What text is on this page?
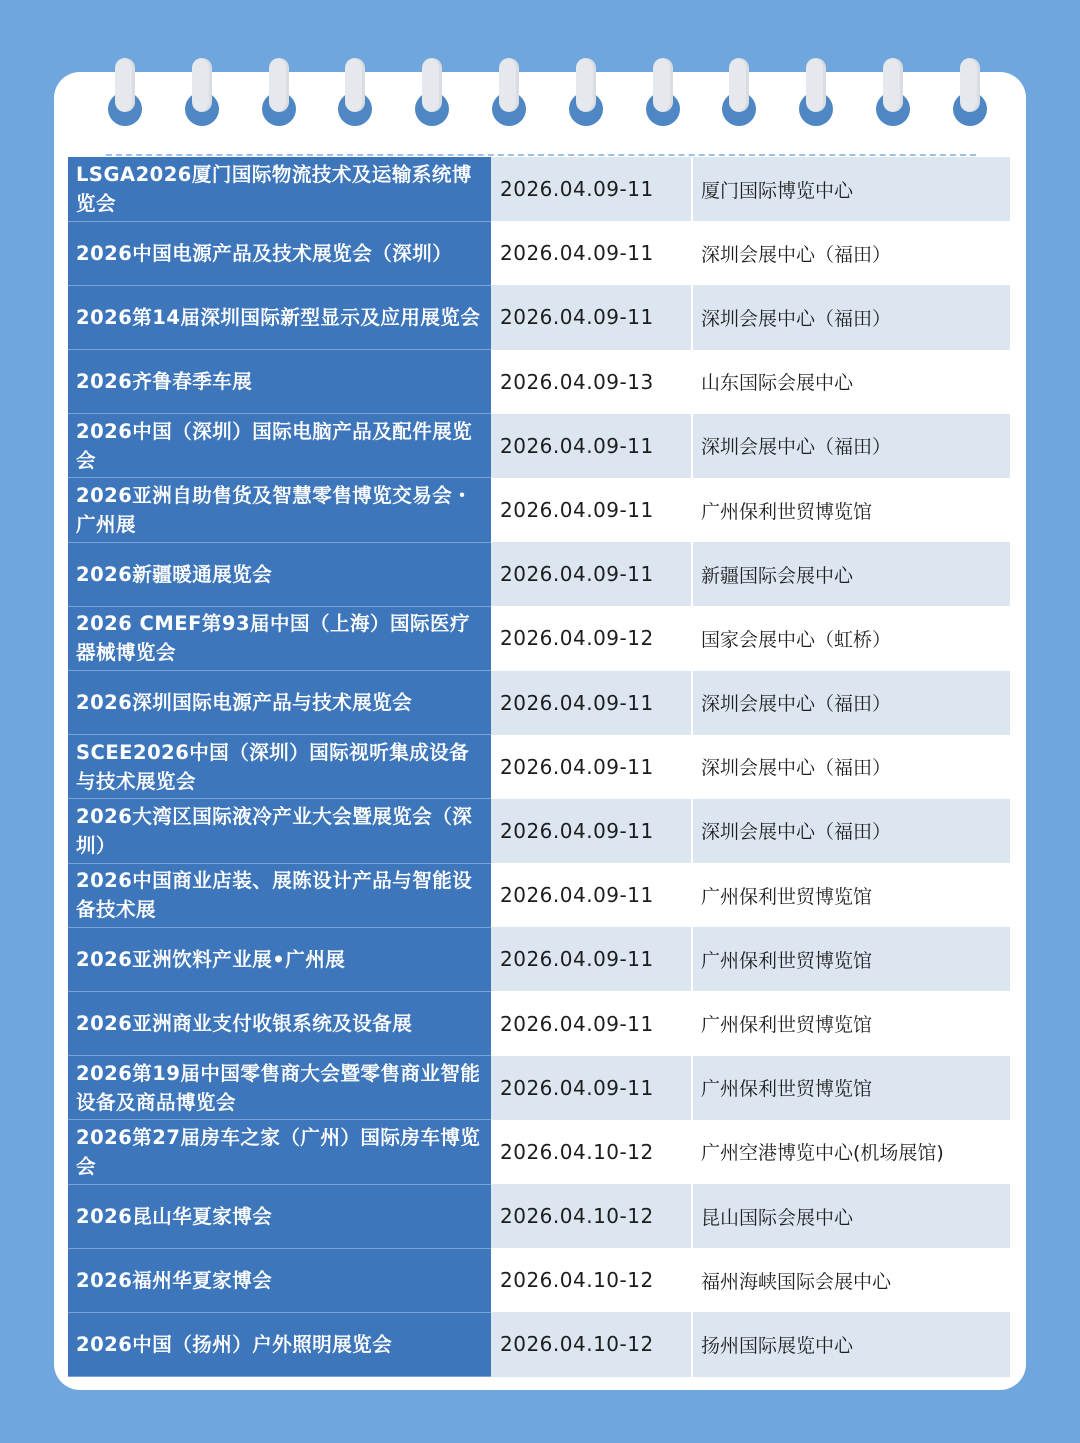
LSGA2026厦门国际物流技术及运输系统博览会	2026.04.09-11	厦门国际博览中心
2026中国电源产品及技术展览会（深圳）	2026.04.09-11	深圳会展中心（福田）
2026第14届深圳国际新型显示及应用展览会	2026.04.09-11	深圳会展中心（福田）
2026齐鲁春季车展	2026.04.09-13	山东国际会展中心
2026中国（深圳）国际电脑产品及配件展览会	2026.04.09-11	深圳会展中心（福田）
2026亚洲自助售货及智慧零售博览交易会・广州展	2026.04.09-11	广州保利世贸博览馆
2026新疆暖通展览会	2026.04.09-11	新疆国际会展中心
2026 CMEF第93届中国（上海）国际医疗器械博览会	2026.04.09-12	国家会展中心（虹桥）
2026深圳国际电源产品与技术展览会	2026.04.09-11	深圳会展中心（福田）
SCEE2026中国（深圳）国际视听集成设备与技术展览会	2026.04.09-11	深圳会展中心（福田）
2026大湾区国际液冷产业大会暨展览会（深圳）	2026.04.09-11	深圳会展中心（福田）
2026中国商业店装、展陈设计产品与智能设备技术展	2026.04.09-11	广州保利世贸博览馆
2026亚洲饮料产业展•广州展	2026.04.09-11	广州保利世贸博览馆
2026亚洲商业支付收银系统及设备展	2026.04.09-11	广州保利世贸博览馆
2026第19届中国零售商大会暨零售商业智能设备及商品博览会	2026.04.09-11	广州保利世贸博览馆
2026第27届房车之家（广州）国际房车博览会	2026.04.10-12	广州空港博览中心(机场展馆)
2026昆山华夏家博会	2026.04.10-12	昆山国际会展中心
2026福州华夏家博会	2026.04.10-12	福州海峡国际会展中心
2026中国（扬州）户外照明展览会	2026.04.10-12	扬州国际展览中心
